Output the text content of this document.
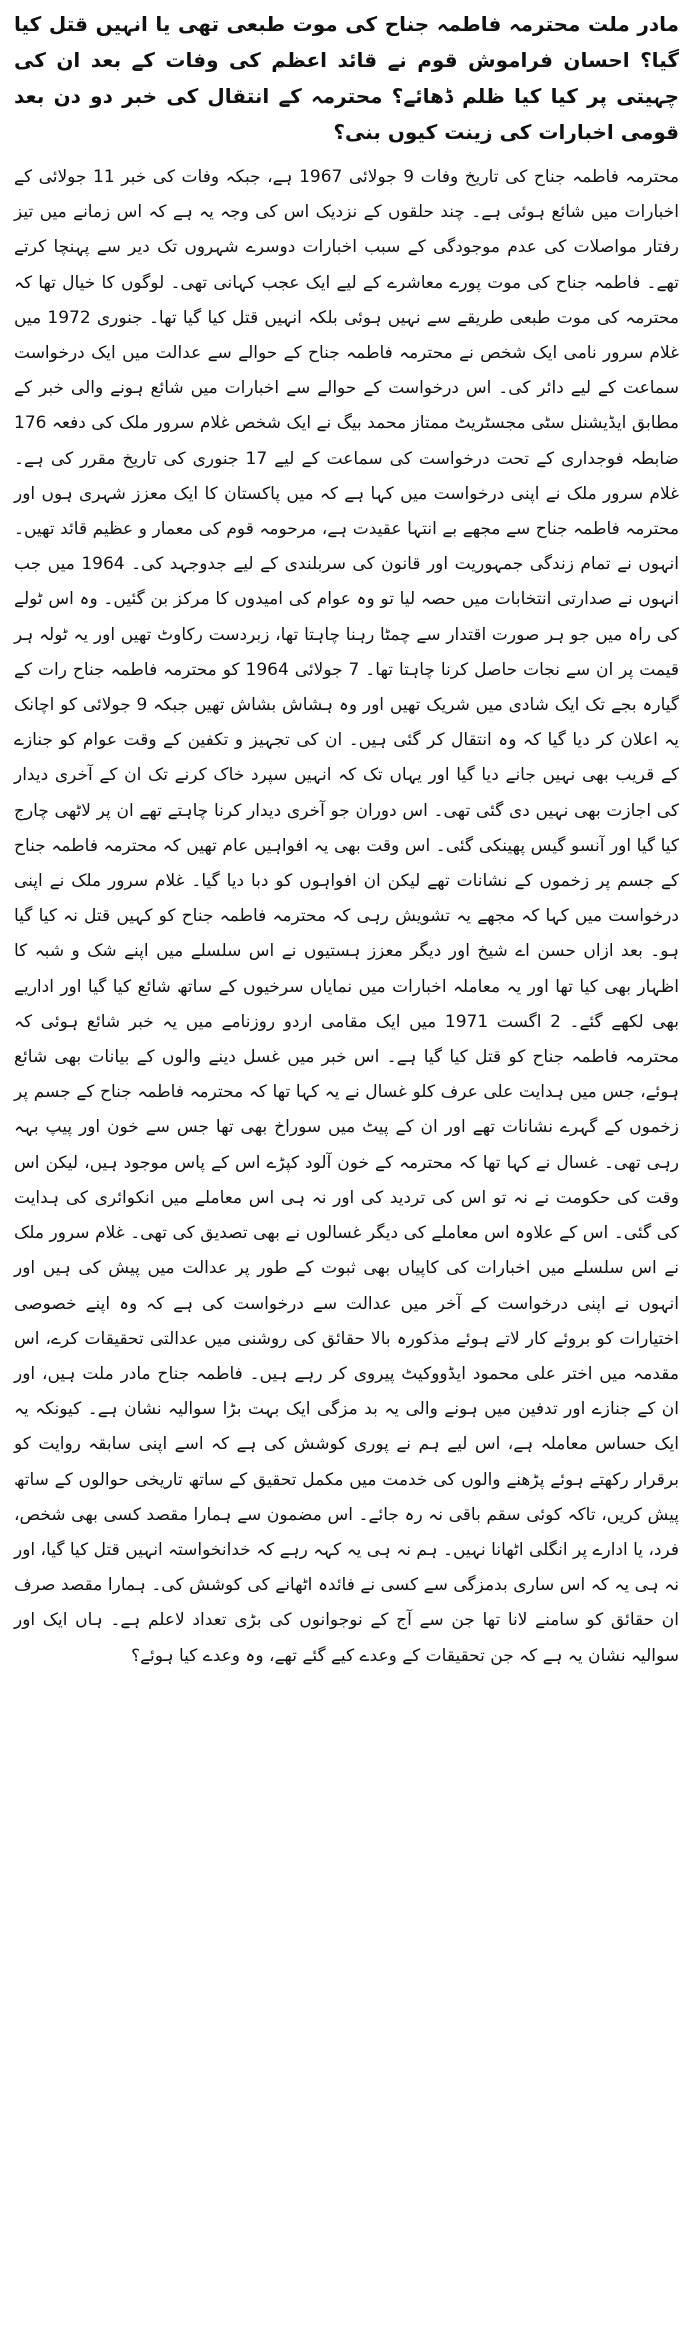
مادر ملت محترمہ فاطمہ جناح کی موت طبعی تھی یا انہیں قتل کیا گیا؟ احسان فراموش قوم نے قائد اعظم کی وفات کے بعد ان کی چہیتی پر کیا کیا ظلم ڈھائے؟ محترمہ کے انتقال کی خبر دو دن بعد قومی اخبارات کی زینت کیوں بنی؟

محترمہ فاطمہ جناح کی تاریخ وفات 9 جولائی 1967 ہے، جبکہ وفات کی خبر 11 جولائی کے اخبارات میں شائع ہوئی ہے۔ چند حلقوں کے نزدیک اس کی وجہ یہ ہے کہ اس زمانے میں تیز رفتار مواصلات کی عدم موجودگی کے سبب اخبارات دوسرے شہروں تک دیر سے پہنچا کرتے تھے۔ فاطمہ جناح کی موت پورے معاشرے کے لیے ایک عجب کہانی تھی۔ لوگوں کا خیال تھا کہ محترمہ کی موت طبعی طریقے سے نہیں ہوئی بلکہ انہیں قتل کیا گیا تھا۔ جنوری 1972 میں غلام سرور نامی ایک شخص نے محترمہ فاطمہ جناح کے حوالے سے عدالت میں ایک درخواست سماعت کے لیے دائر کی۔ اس درخواست کے حوالے سے اخبارات میں شائع ہونے والی خبر کے مطابق ایڈیشنل سٹی مجسٹریٹ ممتاز محمد بیگ نے ایک شخص غلام سرور ملک کی دفعہ 176 ضابطہ فوجداری کے تحت درخواست کی سماعت کے لیے 17 جنوری کی تاریخ مقرر کی ہے۔ غلام سرور ملک نے اپنی درخواست میں کہا ہے کہ میں پاکستان کا ایک معزز شہری ہوں اور محترمہ فاطمہ جناح سے مجھے بے انتہا عقیدت ہے، مرحومہ قوم کی معمار و عظیم قائد تھیں۔ انہوں نے تمام زندگی جمہوریت اور قانون کی سربلندی کے لیے جدوجہد کی۔ 1964 میں جب انہوں نے صدارتی انتخابات میں حصہ لیا تو وہ عوام کی امیدوں کا مرکز بن گئیں۔ وہ اس ٹولے کی راہ میں جو ہر صورت اقتدار سے چمٹا رہنا چاہتا تھا، زبردست رکاوٹ تھیں اور یہ ٹولہ ہر قیمت پر ان سے نجات حاصل کرنا چاہتا تھا۔ 7 جولائی 1964 کو محترمہ فاطمہ جناح رات کے گیارہ بجے تک ایک شادی میں شریک تھیں اور وہ ہشاش بشاش تھیں جبکہ 9 جولائی کو اچانک یہ اعلان کر دیا گیا کہ وہ انتقال کر گئی ہیں۔ ان کی تجہیز و تکفین کے وقت عوام کو جنازے کے قریب بھی نہیں جانے دیا گیا اور یہاں تک کہ انہیں سپرد خاک کرنے تک ان کے آخری دیدار کی اجازت بھی نہیں دی گئی تھی۔ اس دوران جو آخری دیدار کرنا چاہتے تھے ان پر لاٹھی چارج کیا گیا اور آنسو گیس پھینکی گئی۔ اس وقت بھی یہ افواہیں عام تھیں کہ محترمہ فاطمہ جناح کے جسم پر زخموں کے نشانات تھے لیکن ان افواہوں کو دبا دیا گیا۔ غلام سرور ملک نے اپنی درخواست میں کہا کہ مجھے یہ تشویش رہی کہ محترمہ فاطمہ جناح کو کہیں قتل نہ کیا گیا ہو۔ بعد ازاں حسن اے شیخ اور دیگر معزز ہستیوں نے اس سلسلے میں اپنے شک و شبہ کا اظہار بھی کیا تھا اور یہ معاملہ اخبارات میں نمایاں سرخیوں کے ساتھ شائع کیا گیا اور اداریے بھی لکھے گئے۔ 2 اگست 1971 میں ایک مقامی اردو روزنامے میں یہ خبر شائع ہوئی کہ محترمہ فاطمہ جناح کو قتل کیا گیا ہے۔ اس خبر میں غسل دینے والوں کے بیانات بھی شائع ہوئے، جس میں ہدایت علی عرف کلو غسال نے یہ کہا تھا کہ محترمہ فاطمہ جناح کے جسم پر زخموں کے گہرے نشانات تھے اور ان کے پیٹ میں سوراخ بھی تھا جس سے خون اور پیپ بہہ رہی تھی۔ غسال نے کہا تھا کہ محترمہ کے خون آلود کپڑے اس کے پاس موجود ہیں، لیکن اس وقت کی حکومت نے نہ تو اس کی تردید کی اور نہ ہی اس معاملے میں انکوائری کی ہدایت کی گئی۔ اس کے علاوہ اس معاملے کی دیگر غسالوں نے بھی تصدیق کی تھی۔ غلام سرور ملک نے اس سلسلے میں اخبارات کی کاپیاں بھی ثبوت کے طور پر عدالت میں پیش کی ہیں اور انہوں نے اپنی درخواست کے آخر میں عدالت سے درخواست کی ہے کہ وہ اپنے خصوصی اختیارات کو بروئے کار لاتے ہوئے مذکورہ بالا حقائق کی روشنی میں عدالتی تحقیقات کرے، اس مقدمہ میں اختر علی محمود ایڈووکیٹ پیروی کر رہے ہیں۔ فاطمہ جناح مادر ملت ہیں، اور ان کے جنازے اور تدفین میں ہونے والی یہ بد مزگی ایک بہت بڑا سوالیہ نشان ہے۔ کیونکہ یہ ایک حساس معاملہ ہے، اس لیے ہم نے پوری کوشش کی ہے کہ اسے اپنی سابقہ روایت کو برقرار رکھتے ہوئے پڑھنے والوں کی خدمت میں مکمل تحقیق کے ساتھ تاریخی حوالوں کے ساتھ پیش کریں، تاکہ کوئی سقم باقی نہ رہ جائے۔ اس مضمون سے ہمارا مقصد کسی بھی شخص، فرد، یا ادارے پر انگلی اٹھانا نہیں۔ ہم نہ ہی یہ کہہ رہے کہ خدانخواستہ انہیں قتل کیا گیا، اور نہ ہی یہ کہ اس ساری بدمزگی سے کسی نے فائدہ اٹھانے کی کوشش کی۔ ہمارا مقصد صرف ان حقائق کو سامنے لانا تھا جن سے آج کے نوجوانوں کی بڑی تعداد لاعلم ہے۔ ہاں ایک اور سوالیہ نشان یہ ہے کہ جن تحقیقات کے وعدے کیے گئے تھے، وہ وعدے کیا ہوئے؟
